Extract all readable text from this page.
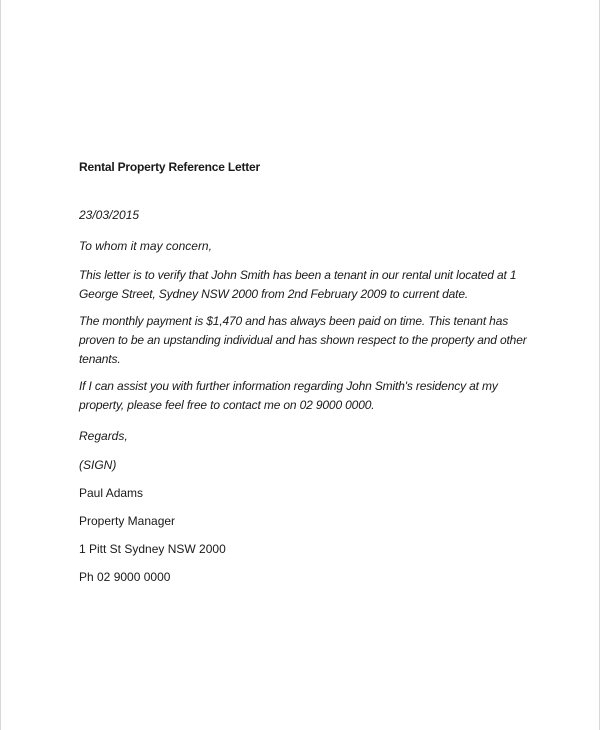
Rental Property Reference Letter

23/03/2015

To whom it may concern,

This letter is to verify that John Smith has been a tenant in our rental unit located at 1 George Street, Sydney NSW 2000 from 2nd February 2009 to current date.

The monthly payment is $1,470 and has always been paid on time. This tenant has proven to be an upstanding individual and has shown respect to the property and other tenants.

If I can assist you with further information regarding John Smith's residency at my property, please feel free to contact me on 02 9000 0000.

Regards,

(SIGN)

Paul Adams

Property Manager

1 Pitt St Sydney NSW 2000

Ph 02 9000 0000
